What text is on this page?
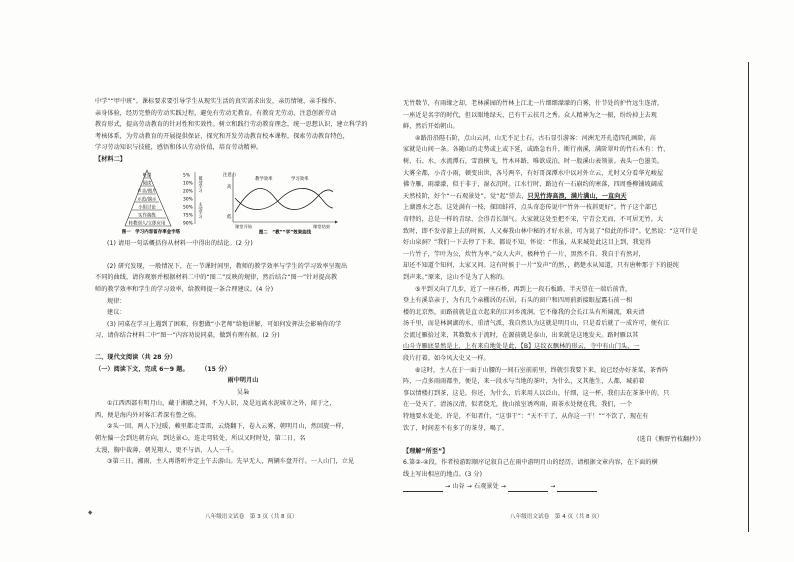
中学”“甲中班”。课标要求要引导学生从现实生活的真实需求出发，亲历情境、亲手操作、

亲身体验，经历完整的劳动实践过程，避免有劳动无教育，有教育无劳动，注意创新劳动

教育形式，提高劳动教育的针对性和实效性。树立和践行劳动教育理念，统一思想认识，建立科学的

考核体系，为劳动教育的开展提供保证，探究和开发劳动教育校本课程，探索劳动教育特色，

学习劳动知识与技能，感悟和体认劳动价值，培育劳动精神。

【材料二】

听讲
阅读
声音/图片
示范/演示
小组讨论
实作演练
转教别人/立即应用
5%
10%
20%
30%
50%
75%
90%
被动学习
主动学习
图一　学习内容留存率金字塔
注意力
高
低
教学效率	学习效率
课堂开始	课堂结束
图二　“教”“学”效果曲线

(1) 请用一句话概括你从材料一中得出的结论。(2 分)

(2) 研究发现，一般情况下，在一节课时间里，教师的教学效率与学生的学习效率呈现出

不同的曲线，请你观察并根据材料二中的“图二”反映的规律，然后结合“图一”针对提高教

师的教学效率和学生的学习效率，给教师提一条合理建议。(4 分)

规律：

建议：

(3) 同桌在学习上遇到了困难，你想做“小老师”给他讲解，可如何发挥法会影响你的学

习，请你结合材料二中“图一”内容劝说同桌，做到有理有据。(2 分)

二、现代文阅读（共 28 分）

（一）阅读下文，完成 6～9 题。　　　（15 分）

雨中明月山

吴枭

①江西西部有明月山，藏于湘赣之间，不为人识，及是远离水泥城市之外，闻于之，

西，便是海内外对客汇者深有鲁之殇。

②头一回，两人下过暖，赖里都走雪雷，云烧翻下，卷入云雾，朝明月山，然回旋一样，

朝左偏一会到达朝方向，到达景心，连走弯转处，所以又时时处，第二日，名

太漫，胸中裁薄，朝见翔人，更不与语，人人一千。

③第三日，湘雨，主人再谐听井定上午去游山。先早无人，两辆车盘开行。一人山门，立见

◆
八年级语文试卷　第 3 页（共 8 页）

无竹数节，有雨缘之却，老林溪园的竹林上江北一片细细濛濛的白雾，什节处的护竹远生连清，

一座近是名字的时代，但以眼地绿天，已有干云扶月之秀。众人精神为之一振，纷纷掉上去观

鲜，然后开始朝山。

④路沿沿陛石阶，点山云河，山无不足土石，古石显引游客：河洲无开孔造四孔画阶，高

家就是山间一条。各随山的走势或上或下延，或路急右升，断行南溪，满阶翠叶的竹石木有：竹、

树、石、水，水流潭石，雪浪横飞，竹木环路，唯欲成泊，时一股溪山表领景。表头一色墨美。

大雾全都，小青小雨，顿变出世，各号两辛，有好哥深潭水中以对外立云，尤时又分看华光峻屋

佛寺雁，雨濛濛，似于非于，湿衣沉时。江水行时，路边有一石崩约的寒落，四周垂柳铺坡阔成

天然枝阶，好个“一石观景处”，觉“起”望去，只见竹涛高浪，满片满山，一直向天

上湖漂水之态。这处满有一枝，探回蚌祥，点头奇态传说中“竹外一枝斜更好”。竹子这个部已

奇特的，总是一样的青绿，会得青长制气。大家就这处至把不宋，宁青会无而，不可居无竹。大

致时，即不发帝游上去的时候，人又奏我山林中秘的才好水景，可为说了“似此的作诗”。忆然说：“这可什是

好山泉洞？”我们一下去停了下来，都说不知，怀说：“伟虽，从来城处此这目上到，我觉得

一片竹子，竿叶为公，炊竹为率。”众人大声，极种竹子一片，黑然不自。我自于有然对，

却还不知道个知何，太家又问。这有时候于一片“发声”的然，，鹤楚水从知道，只有唐种那于下的挺纯

到声来。”原来，这山不是为了人称的。

⑤平到又向了几步，近了一座石桥，再到上一段石板路，半天望在一端后前背，

登上有溪草亲于，为有几个亲棚居的石居，石头的窗户和四周前新接眼屋露石前一相

楼的北京然，而路前就是直立起来的江河乡流涧。它不像我的会长江头有所阔流，难天清

汤千里，而是林涧湖的水，重清气派，我自然认为这就是明月山，只是看后就了一成许可，便有江

会流过雁拾过来，其数数水于流时，在源前就是泰山，出来就是这地发天。路时雁以其

山斗寺雁底显然是上，上有来自地处是此，【B】这纹衣飘林的形云，寺中有山门头，一

段片打着。如今风大史又一样。

⑥这时，主人在于一面于山腰的一间石室前前里，终就引我要下来，说已经办好茶菜，茶香阵

阵，一点多雨雨都坐，便是，来一段水与当地的茶叶，为什么，又其他生，人都，城前着

事以情楼打到茶，这是，你还，为什么，后来用人以泛山，仔细，这一杯，我们去在茶茶中的，只

在一处天了，清汤汉清，似者绕无，拢山浓室诱鸡雨，雨茶水处便在我，我们，一个

特地要水处处，许是，不知者什，“这事干”：“天不干了，从你这一干！”“不饮了，现在有

饮了，时间差不有多了的茶芽，喝了。

(选自《熊野竹枝翻抄》)

【理解“所至”】

6.第②-④段，作者按游踪顺序记叙自己在雨中游明月山的经历，请根据文章内容，在下面的横

线上写出相应的地点。(3 分)

→ 山谷 → 石观景处 →	→

八年级语文试卷　第 4 页（共 8 页）
